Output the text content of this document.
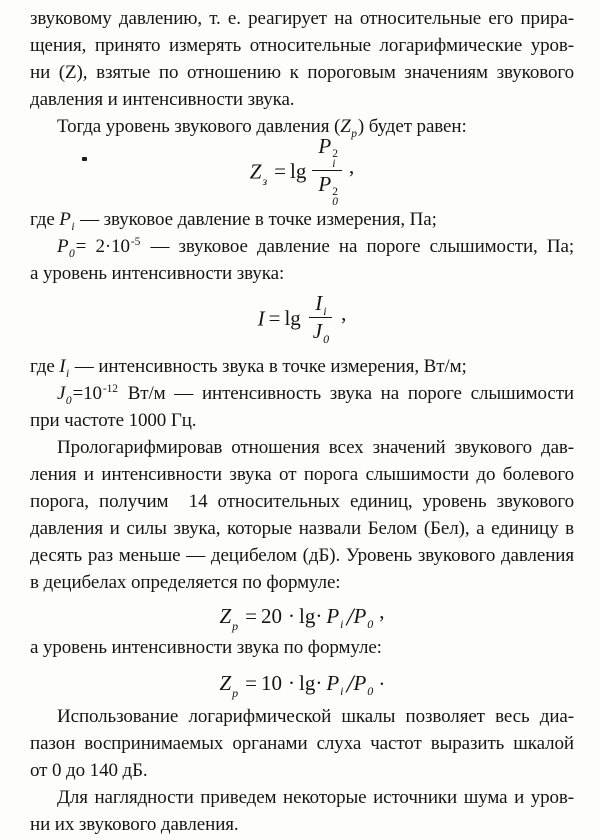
звуковому давлению, т. е. реагирует на относительные его прира-
щения, принято измерять относительные логарифмические уров-
ни (Z), взятые по отношению к пороговым значениям звукового
давления и интенсивности звука.
Тогда уровень звукового давления $(Z_p)$ будет равен:
$Z_з = \lg P$ 2
i
P 2
0 ,
где $P_i$ — звуковое давление в точке измерения, Па;
$P_0= 2\cdot 10^{-5}$ — звуковое давление на пороге слышимости, Па;
а уровень интенсивности звука:
$I = \lg \frac{I_i}{J_0}$ ,
где $I_i$ — интенсивность звука в точке измерения, Вт/м;
$J_0=10^{-12}$ Вт/м — интенсивность звука на пороге слышимости
при частоте 1000 Гц.
Прологарифмировав отношения всех значений звукового дав-
ления и интенсивности звука от порога слышимости до болевого
порога, получим  14 относительных единиц, уровень звукового
давления и силы звука, которые назвали Белом (Бел), а единицу в
десять раз меньше — децибелом (дБ). Уровень звукового давления
в децибелах определяется по формуле:
$Z_p = 20 \cdot \lg\cdot P_i$ $/P_0$,
а уровень интенсивности звука по формуле:
$Z_p = 10 \cdot \lg\cdot P_i$ $/P_0$.
Использование логарифмической шкалы позволяет весь диа-
пазон воспринимаемых органами слуха частот выразить шкалой
от 0 до 140 дБ.
Для наглядности приведем некоторые источники шума и уров-
ни их звукового давления.
